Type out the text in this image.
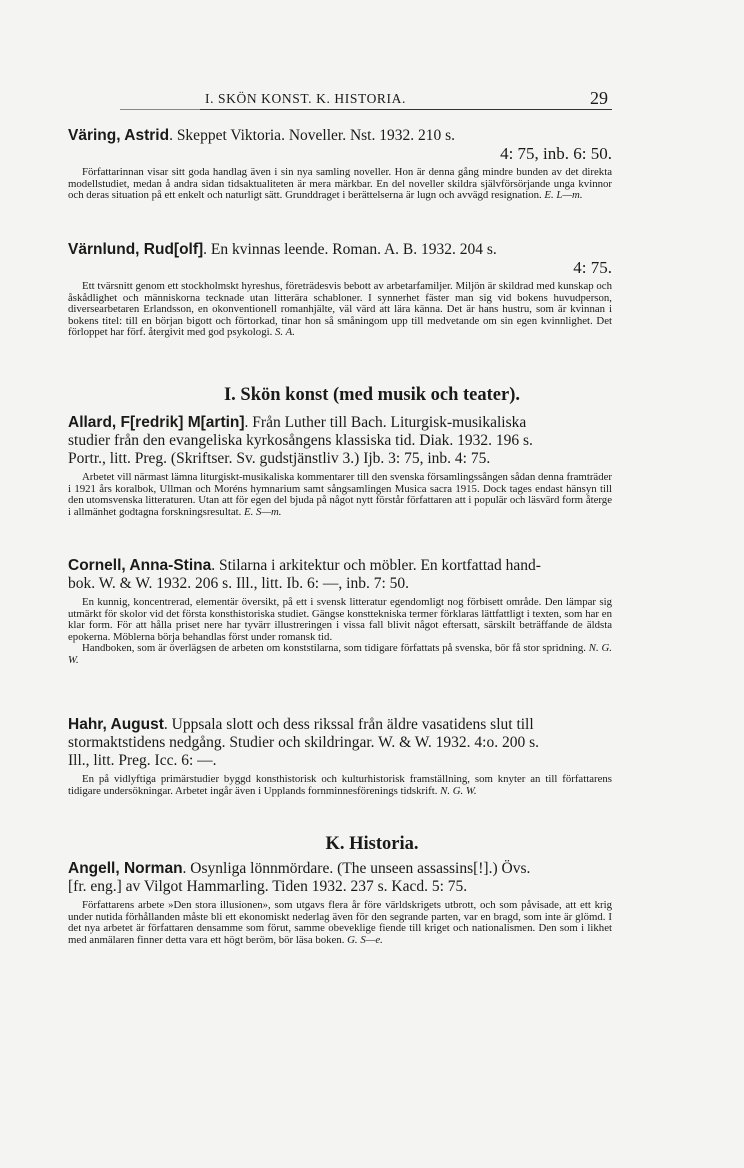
I. SKÖN KONST. K. HISTORIA.	29
Väring, Astrid. Skeppet Viktoria. Noveller. Nst. 1932. 210 s.
4: 75, inb. 6: 50.

Författarinnan visar sitt goda handlag även i sin nya samling noveller. Hon är denna gång mindre bunden av det direkta modellstudiet, medan å andra sidan tidsaktualiteten är mera märkbar. En del noveller skildra självförsörjande unga kvinnor och deras situation på ett enkelt och naturligt sätt. Grunddraget i berättelserna är lugn och avvägd resignation. E. L—m.

Värnlund, Rud[olf]. En kvinnas leende. Roman. A. B. 1932. 204 s.
4: 75.

Ett tvärsnitt genom ett stockholmskt hyreshus, företrädesvis bebott av arbetarfamiljer. Miljön är skildrad med kunskap och åskådlighet och människorna tecknade utan litterära schabloner. I synnerhet fäster man sig vid bokens huvudperson, diversearbetaren Erlandsson, en okonventionell romanhjälte, väl värd att lära känna. Det är hans hustru, som är kvinnan i bokens titel: till en början bigott och förtorkad, tinar hon så småningom upp till medvetande om sin egen kvinnlighet. Det förloppet har förf. återgivit med god psykologi. S. A.

I. Skön konst (med musik och teater).
Allard, F[redrik] M[artin]. Från Luther till Bach. Liturgisk-musikaliska
studier från den evangeliska kyrkosångens klassiska tid. Diak. 1932. 196 s.
Portr., litt. Preg. (Skriftser. Sv. gudstjänstliv 3.) Ijb. 3: 75, inb. 4: 75.

Arbetet vill närmast lämna liturgiskt-musikaliska kommentarer till den svenska församlingssången sådan denna framträder i 1921 års koralbok, Ullman och Moréns hymnarium samt sångsamlingen Musica sacra 1915. Dock tages endast hänsyn till den utomsvenska litteraturen. Utan att för egen del bjuda på något nytt förstår författaren att i populär och läsvärd form återge i allmänhet godtagna forskningsresultat. E. S—m.

Cornell, Anna-Stina. Stilarna i arkitektur och möbler. En kortfattad hand-
bok. W. & W. 1932. 206 s. Ill., litt. Ib. 6: —, inb. 7: 50.

En kunnig, koncentrerad, elementär översikt, på ett i svensk litteratur egendomligt nog förbisett område. Den lämpar sig utmärkt för skolor vid det första konsthistoriska studiet. Gängse konsttekniska termer förklaras lättfattligt i texten, som har en klar form. För att hålla priset nere har tyvärr illustreringen i vissa fall blivit något eftersatt, särskilt beträffande de äldsta epokerna. Möblerna börja behandlas först under romansk tid.

Handboken, som är överlägsen de arbeten om konststilarna, som tidigare författats på svenska, bör få stor spridning. N. G. W.

Hahr, August. Uppsala slott och dess rikssal från äldre vasatidens slut till
stormaktstidens nedgång. Studier och skildringar. W. & W. 1932. 4:o. 200 s.
Ill., litt. Preg. Icc. 6: —.

En på vidlyftiga primärstudier byggd konsthistorisk och kulturhistorisk framställning, som knyter an till författarens tidigare undersökningar. Arbetet ingår även i Upplands fornminnesförenings tidskrift. N. G. W.

K. Historia.
Angell, Norman. Osynliga lönnmördare. (The unseen assassins[!].) Övs.
[fr. eng.] av Vilgot Hammarling. Tiden 1932. 237 s. Kacd. 5: 75.

Författarens arbete »Den stora illusionen», som utgavs flera år före världskrigets utbrott, och som påvisade, att ett krig under nutida förhållanden måste bli ett ekonomiskt nederlag även för den segrande parten, var en bragd, som inte är glömd. I det nya arbetet är författaren densamme som förut, samme obeveklige fiende till kriget och nationalismen. Den som i likhet med anmälaren finner detta vara ett högt beröm, bör läsa boken. G. S—e.
